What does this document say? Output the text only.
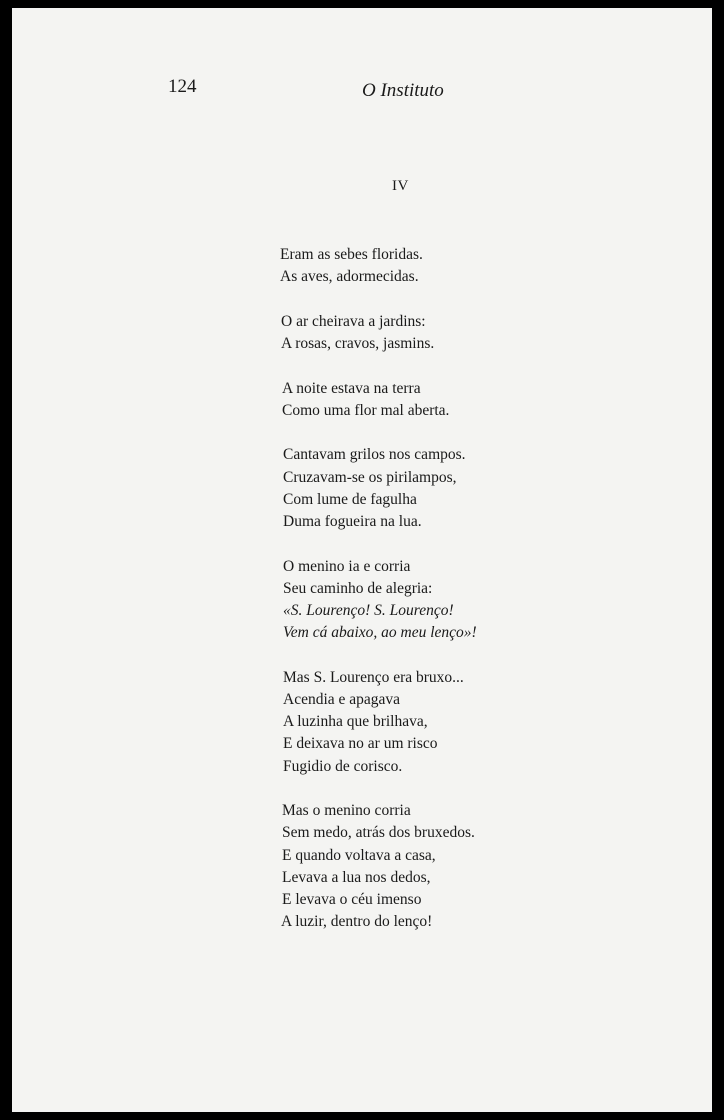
124	O Instituto
IV
Eram as sebes floridas.
As aves, adormecidas.
O ar cheirava a jardins:
A rosas, cravos, jasmins.
A noite estava na terra
Como uma flor mal aberta.
Cantavam grilos nos campos.
Cruzavam-se os pirilampos,
Com lume de fagulha
Duma fogueira na lua.
O menino ia e corria
Seu caminho de alegria:
«S. Lourenço! S. Lourenço!
Vem cá abaixo, ao meu lenço»!
Mas S. Lourenço era bruxo...
Acendia e apagava
A luzinha que brilhava,
E deixava no ar um risco
Fugidio de corisco.
Mas o menino corria
Sem medo, atrás dos bruxedos.
E quando voltava a casa,
Levava a lua nos dedos,
E levava o céu imenso
A luzir, dentro do lenço!
